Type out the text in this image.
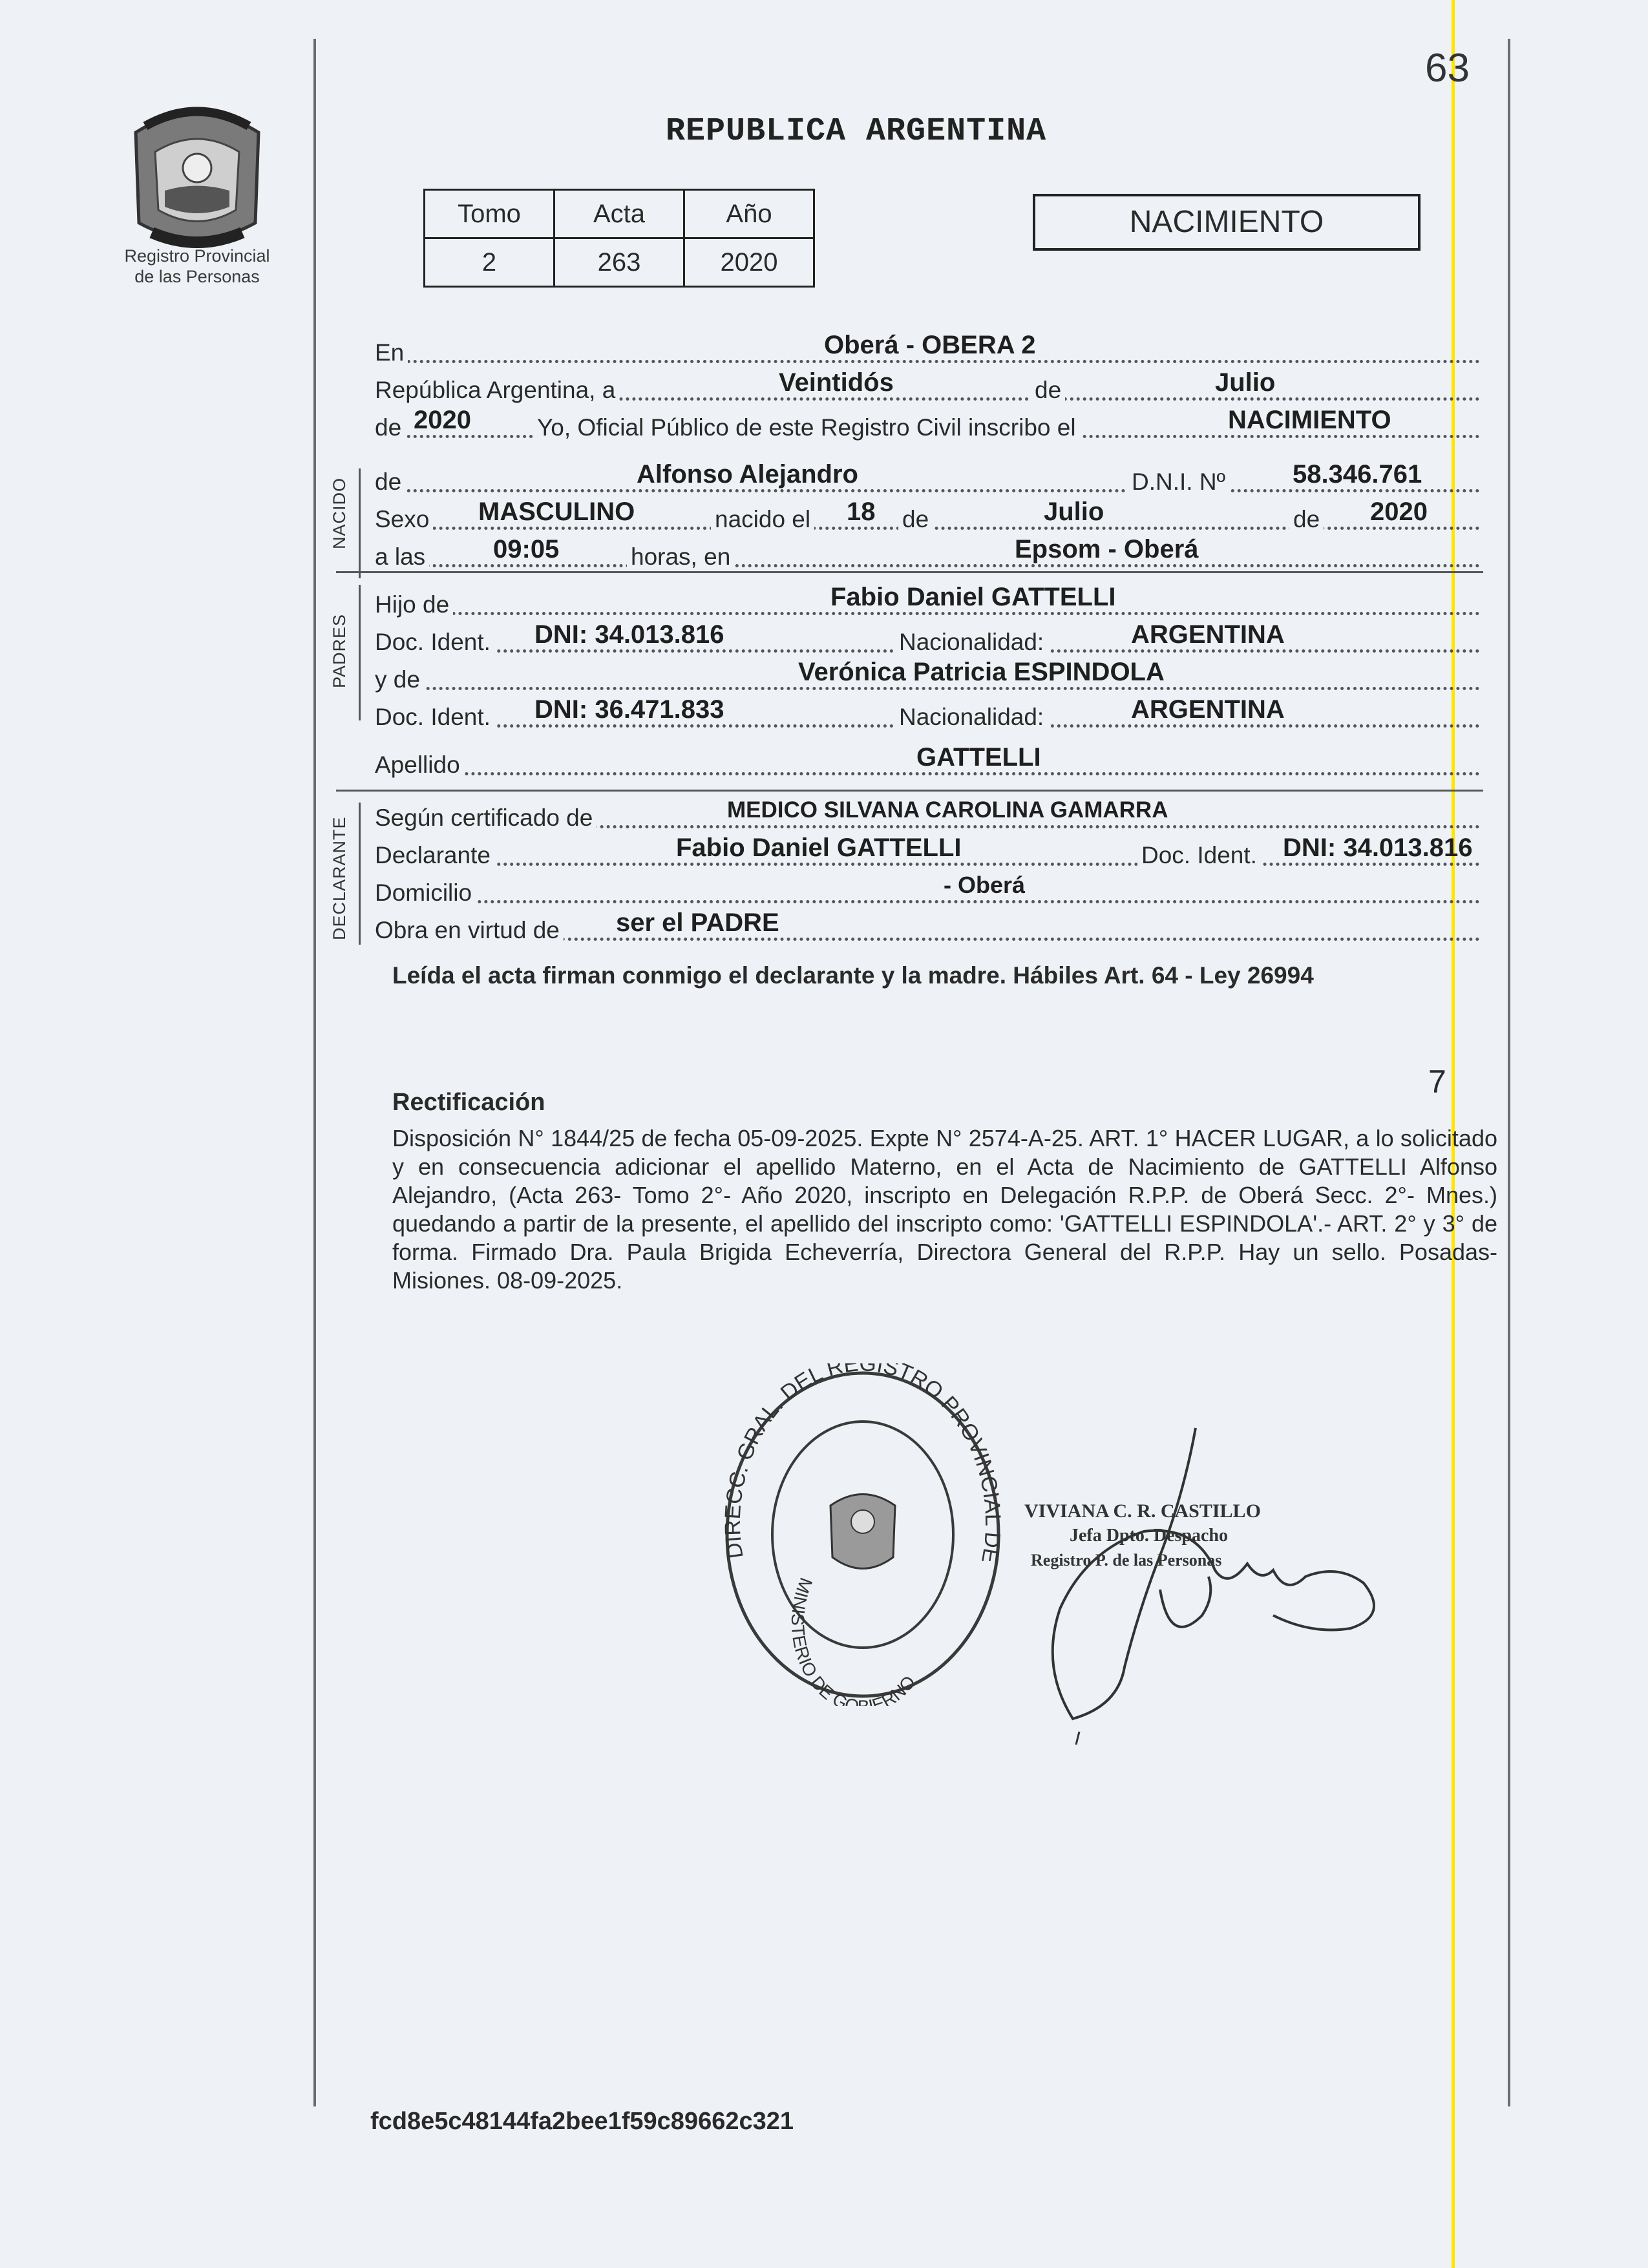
Registro Provincial
de las Personas
63
REPUBLICA ARGENTINA
Tomo	Acta	Año
2	263	2020
NACIMIENTO
En	Oberá - OBERA 2
República Argentina, a	Veintidós	de	Julio
de 2020	Yo, Oficial Público de este Registro Civil inscribo el	NACIMIENTO
NACIDO de	Alfonso Alejandro	D.N.I. Nº	58.346.761
Sexo MASCULINO	nacido el 18 de	Julio	de 2020
a las	09:05	horas, en	Epsom - Oberá
PADRES
Hijo de	Fabio Daniel GATTELLI
Doc. Ident. DNI: 34.013.816	Nacionalidad:	ARGENTINA
y de	Verónica Patricia ESPINDOLA
Doc. Ident. DNI: 36.471.833	Nacionalidad:	ARGENTINA
Apellido	GATTELLI
DECLARANTE Según certificado de	MEDICO SILVANA CAROLINA GAMARRA
Declarante	Fabio Daniel GATTELLI	Doc. Ident. DNI: 34.013.816
Domicilio	- Oberá
Obra en virtud de ser el PADRE
Leída el acta firman conmigo el declarante y la madre. Hábiles Art. 64 - Ley 26994
7
Rectificación
Disposición N° 1844/25 de fecha 05-09-2025. Expte N° 2574-A-25. ART. 1° HACER LUGAR, a lo solicitado y en consecuencia adicionar el apellido Materno, en el Acta de Nacimiento de GATTELLI Alfonso Alejandro, (Acta 263- Tomo 2°- Año 2020, inscripto en Delegación R.P.P. de Oberá Secc. 2°- Mnes.) quedando a partir de la presente, el apellido del inscripto como: 'GATTELLI ESPINDOLA'.- ART. 2° y 3° de forma. Firmado Dra. Paula Brigida Echeverría, Directora General del R.P.P. Hay un sello. Posadas-Misiones. 08-09-2025.
DIRECC. GRAL. DEL REGISTRO PROVINCIAL DE
MINISTERIO DE GO IERNO
VIVIANA C. R. CASTILLO
Jefa Dpto. Despacho
Registro P. de las Personas
fcd8e5c48144fa2bee1f59c89662c321
